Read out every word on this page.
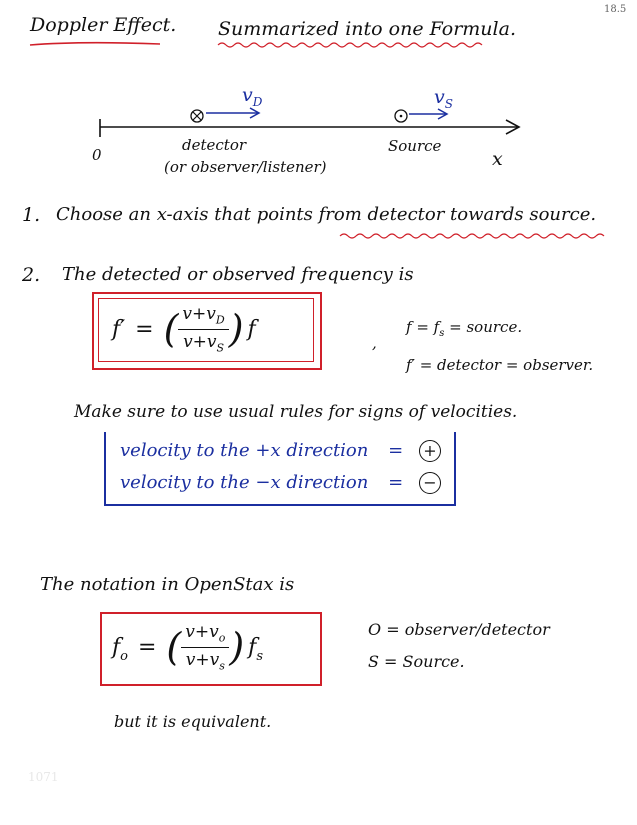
18.5
Doppler Effect. Summarized into one Formula.
$v_D$	$v_S$
0	x
detector
(or observer/listener)
Source
1. Choose an x-axis that points from detector towards source.
2. The detected or observed frequency is
f ′ = ( $\frac{v+v_D}{v+v_S}$ ) f
,
$f = f_s$ = source.
f′ = detector = observer.
Make sure to use usual rules for signs of velocities.
velocity to the +x direction = +
velocity to the −x direction = −
The notation in OpenStax is
$f_o$ = ( $\frac{v+v_o}{v+v_s}$ ) $f_s$
O = observer/detector
S = Source.
but it is equivalent.
1071
